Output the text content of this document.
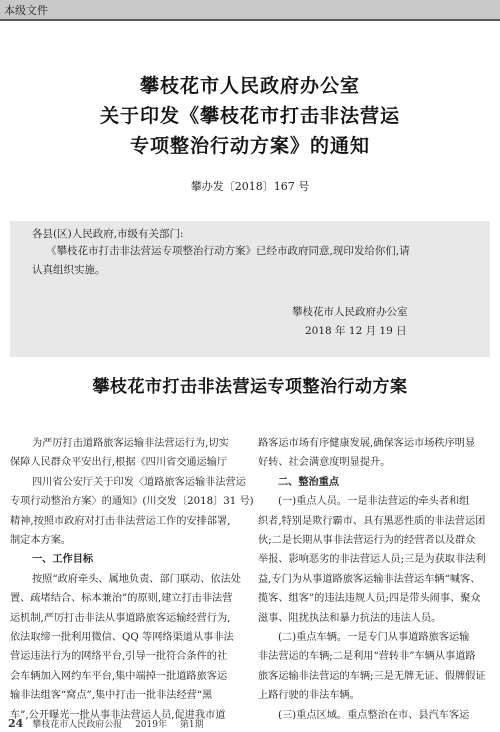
本级文件
攀枝花市人民政府办公室
关于印发《攀枝花市打击非法营运
专项整治行动方案》的通知
攀办发〔2018〕167 号
各县(区)人民政府,市级有关部门:
《攀枝花市打击非法营运专项整治行动方案》已经市政府同意,现印发给你们,请
认真组织实施。
攀枝花市人民政府办公室
2018 年 12 月 19 日
攀枝花市打击非法营运专项整治行动方案

为严厉打击道路旅客运输非法营运行为,切实

保障人民群众平安出行,根据《四川省交通运输厅

四川省公安厅关于印发〈道路旅客运输非法营运

专项行动整治方案〉的通知》(川交发〔2018〕31 号)

精神,按照市政府对打击非法营运工作的安排部署,

制定本方案。

一、工作目标

按照“政府牵头、属地负责、部门联动、依法处

置、疏堵结合、标本兼治”的原则,建立打击非法营

运机制,严厉打击非法从事道路旅客运输经营行为,

依法取缔一批利用微信、QQ 等网络渠道从事非法

营运违法行为的网络平台,引导一批符合条件的社

会车辆加入网约车平台,集中端掉一批道路旅客运

输非法组客“窝点”,集中打击一批非法经营“黑

车”,公开曝光一批从事非法营运人员,促进我市道

路客运市场有序健康发展,确保客运市场秩序明显

好转、社会满意度明显提升。

二、整治重点

(一)重点人员。一是非法营运的牵头者和组

织者,特别是欺行霸市、具有黑恶性质的非法营运团

伙;二是长期从事非法营运行为的经营者以及群众

举报、影响恶劣的非法营运人员;三是为获取非法利

益,专门为从事道路旅客运输非法营运车辆“喊客、

揽客、组客”的违法违规人员;四是带头闹事、聚众

滋事、阻扰执法和暴力抗法的违法人员。

(二)重点车辆。一是专门从事道路旅客运输

非法营运的车辆;二是利用“营转非”车辆从事道路

旅客运输非法营运的车辆;三是无牌无证、假牌假证

上路行驶的非法车辆。

(三)重点区域。重点整治在市、县汽车客运

24 攀枝花市人民政府公报 2019年 第1期
